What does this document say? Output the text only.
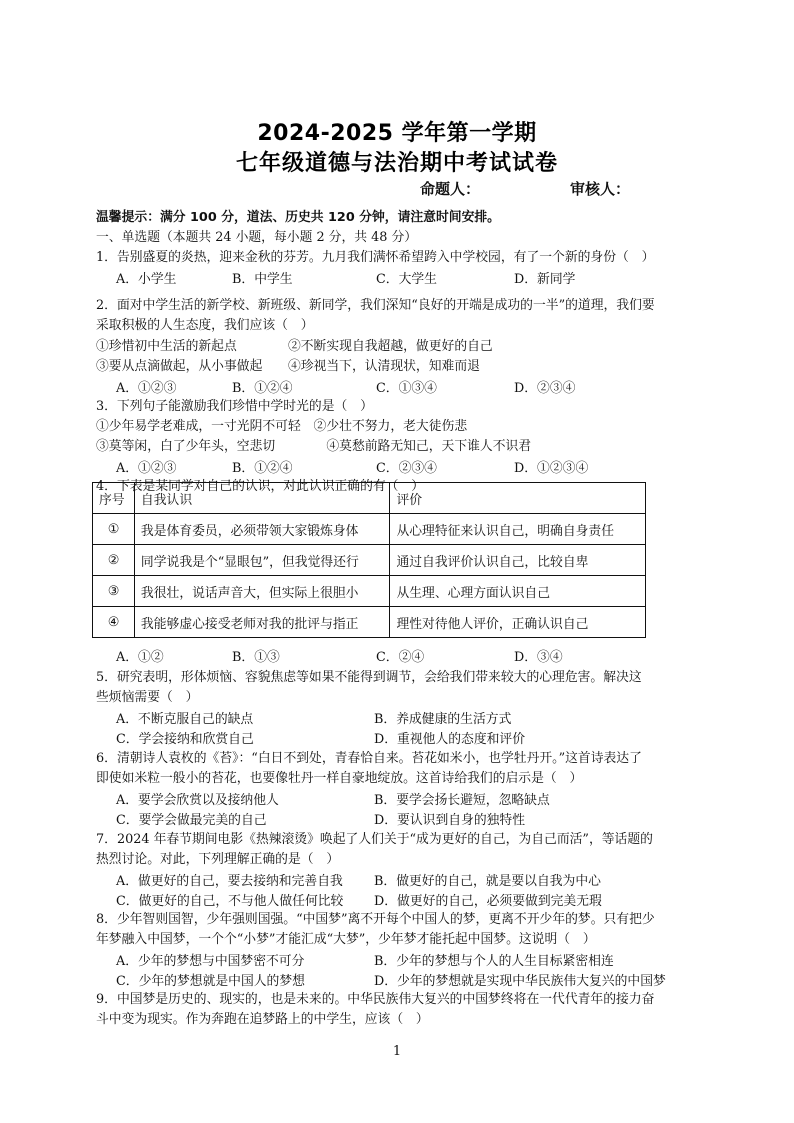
2024-2025 学年第一学期
七年级道德与法治期中考试试卷
命题人：	审核人：
温馨提示：满分 100 分，道法、历史共 120 分钟，请注意时间安排。
一、单选题（本题共 24 小题，每小题 2 分，共 48 分）
1．告别盛夏的炎热，迎来金秋的芬芳。九月我们满怀希望跨入中学校园，有了一个新的身份（　）
2．面对中学生活的新学校、新班级、新同学，我们深知“良好的开端是成功的一半”的道理，我们要
采取积极的人生态度，我们应该（　）
①珍惜初中生活的新起点　　　　②不断实现自我超越，做更好的自己
③要从点滴做起，从小事做起　　④珍视当下，认清现状，知难而退
3．下列句子能激励我们珍惜中学时光的是（　）
①少年易学老难成，一寸光阴不可轻　②少壮不努力，老大徒伤悲
③莫等闲，白了少年头，空悲切　　　　④莫愁前路无知己，天下谁人不识君
4．下表是某同学对自己的认识，对此认识正确的有（　）
5．研究表明，形体烦恼、容貌焦虑等如果不能得到调节，会给我们带来较大的心理危害。解决这
些烦恼需要（　）
6．清朝诗人袁枚的《苔》：“白日不到处，青春恰自来。苔花如米小，也学牡丹开。”这首诗表达了
即使如米粒一般小的苔花，也要像牡丹一样自豪地绽放。这首诗给我们的启示是（　）
7．2024 年春节期间电影《热辣滚烫》唤起了人们关于“成为更好的自己，为自己而活”，等话题的
热烈讨论。对此，下列理解正确的是（　）
8．少年智则国智，少年强则国强。“中国梦”离不开每个中国人的梦，更离不开少年的梦。只有把少
年梦融入中国梦，一个个“小梦”才能汇成“大梦”，少年梦才能托起中国梦。这说明（　）
9．中国梦是历史的、现实的，也是未来的。中华民族伟大复兴的中国梦终将在一代代青年的接力奋
斗中变为现实。作为奔跑在追梦路上的中学生，应该（　）
A．小学生	B．中学生	C．大学生	D．新同学
A．①②③	B．①②④	C．①③④	D．②③④
A．①②③	B．①②④	C．②③④	D．①②③④
A．①②	B．①③	C．②④	D．③④
A．不断克服自己的缺点	B．养成健康的生活方式
C．学会接纳和欣赏自己	D．重视他人的态度和评价
A．要学会欣赏以及接纳他人	B．要学会扬长避短，忽略缺点
C．要学会做最完美的自己	D．要认识到自身的独特性
A．做更好的自己，要去接纳和完善自我 B．做更好的自己，就是要以自我为中心
C．做更好的自己，不与他人做任何比较 D．做更好的自己，必须要做到完美无瑕
A．少年的梦想与中国梦密不可分	B．少年的梦想与个人的人生目标紧密相连
C．少年的梦想就是中国人的梦想	D．少年的梦想就是实现中华民族伟大复兴的中国梦
序号	自我认识	评价
①	我是体育委员，必须带领大家锻炼身体	从心理特征来认识自己，明确自身责任
②	同学说我是个“显眼包”，但我觉得还行	通过自我评价认识自己，比较自卑
③	我很壮，说话声音大，但实际上很胆小	从生理、心理方面认识自己
④	我能够虚心接受老师对我的批评与指正	理性对待他人评价，正确认识自己
1
